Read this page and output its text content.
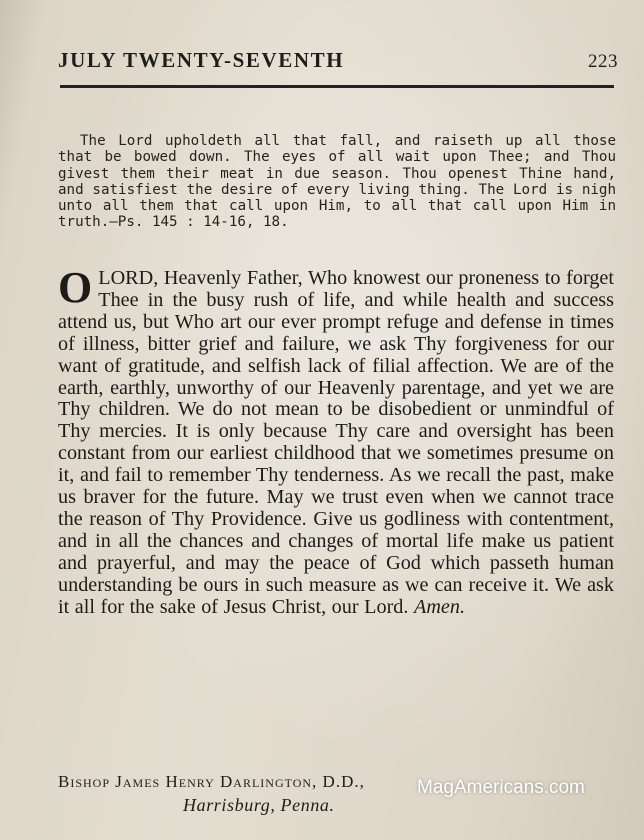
JULY TWENTY-SEVENTH	223

The Lord upholdeth all that fall, and raiseth up all those that be bowed down. The eyes of all wait upon Thee; and Thou givest them their meat in due season. Thou openest Thine hand, and satisfiest the desire of every living thing. The Lord is nigh unto all them that call upon Him, to all that call upon Him in truth.—Ps. 145 : 14-16, 18.

O LORD, Heavenly Father, Who knowest our proneness to forget Thee in the busy rush of life, and while health and success attend us, but Who art our ever prompt refuge and defense in times of illness, bitter grief and failure, we ask Thy forgiveness for our want of gratitude, and selfish lack of filial affection. We are of the earth, earthly, unworthy of our Heavenly parentage, and yet we are Thy children. We do not mean to be disobedient or unmindful of Thy mercies. It is only because Thy care and oversight has been constant from our earliest childhood that we sometimes presume on it, and fail to remember Thy tenderness. As we recall the past, make us braver for the future. May we trust even when we cannot trace the reason of Thy Providence. Give us godliness with contentment, and in all the chances and changes of mortal life make us patient and prayerful, and may the peace of God which passeth human understanding be ours in such measure as we can receive it. We ask it all for the sake of Jesus Christ, our Lord. Amen.
Bishop James Henry Darlington, D.D.,
Harrisburg, Penna.
MagAmericans.com
